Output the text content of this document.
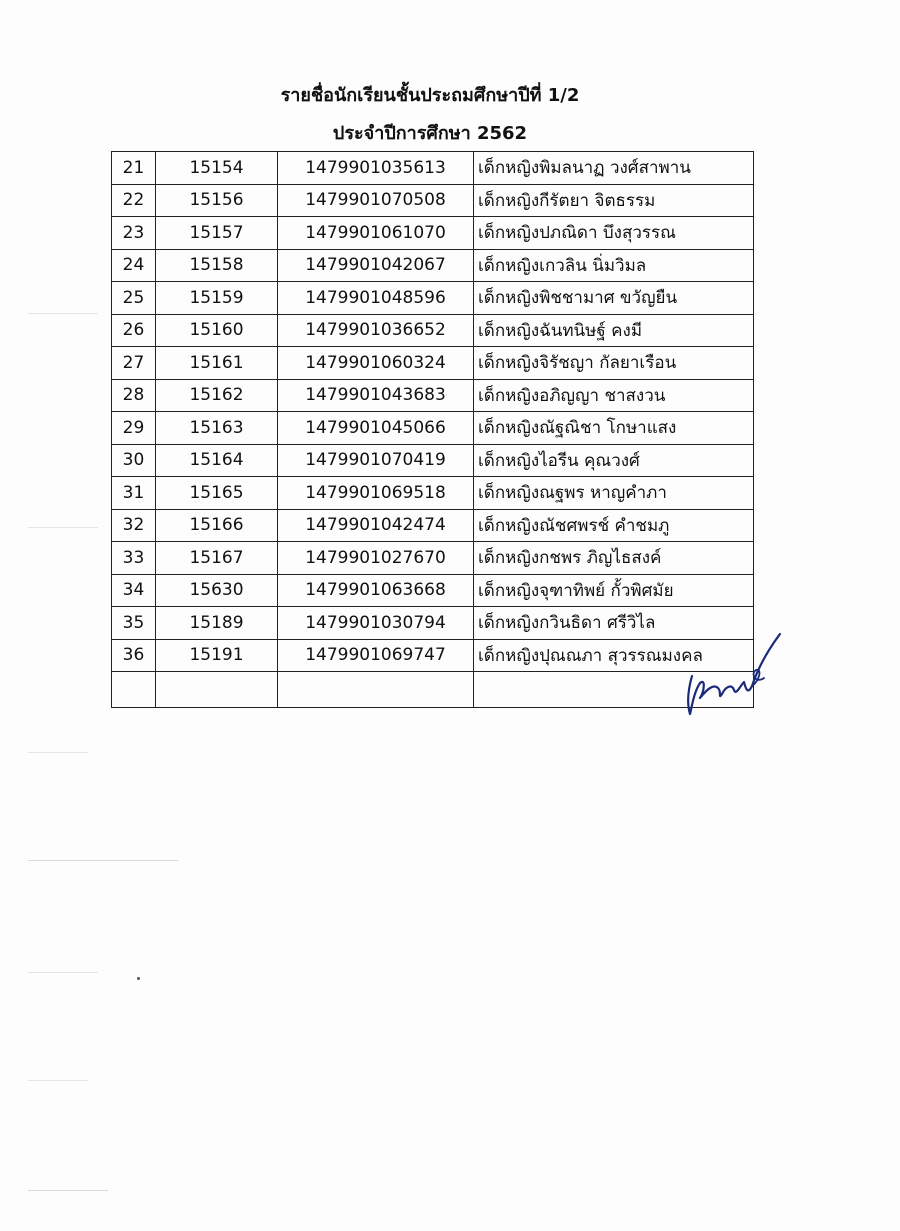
รายชื่อนักเรียนชั้นประถมศึกษาปีที่ 1/2
ประจำปีการศึกษา 2562
21	15154	1479901035613	เด็กหญิงพิมลนาฏ วงศ์สาพาน
22	15156	1479901070508	เด็กหญิงกีรัตยา จิตธรรม
23	15157	1479901061070	เด็กหญิงปภณิดา บึงสุวรรณ
24	15158	1479901042067	เด็กหญิงเกวลิน นิ่มวิมล
25	15159	1479901048596	เด็กหญิงพิชชามาศ ขวัญยืน
26	15160	1479901036652	เด็กหญิงฉันทนิษฐ์ คงมี
27	15161	1479901060324	เด็กหญิงจิรัชญา กัลยาเรือน
28	15162	1479901043683	เด็กหญิงอภิญญา ชาสงวน
29	15163	1479901045066	เด็กหญิงณัฐณิชา โกษาแสง
30	15164	1479901070419	เด็กหญิงไอรีน คุณวงศ์
31	15165	1479901069518	เด็กหญิงณฐพร หาญคำภา
32	15166	1479901042474	เด็กหญิงณัชศพรช์ คำชมภู
33	15167	1479901027670	เด็กหญิงกชพร ภิญไธสงค์
34	15630	1479901063668	เด็กหญิงจุฑาทิพย์ กั้วพิศมัย
35	15189	1479901030794	เด็กหญิงกวินธิดา ศรีวิไล
36	15191	1479901069747	เด็กหญิงปุณณภา สุวรรณมงคล
